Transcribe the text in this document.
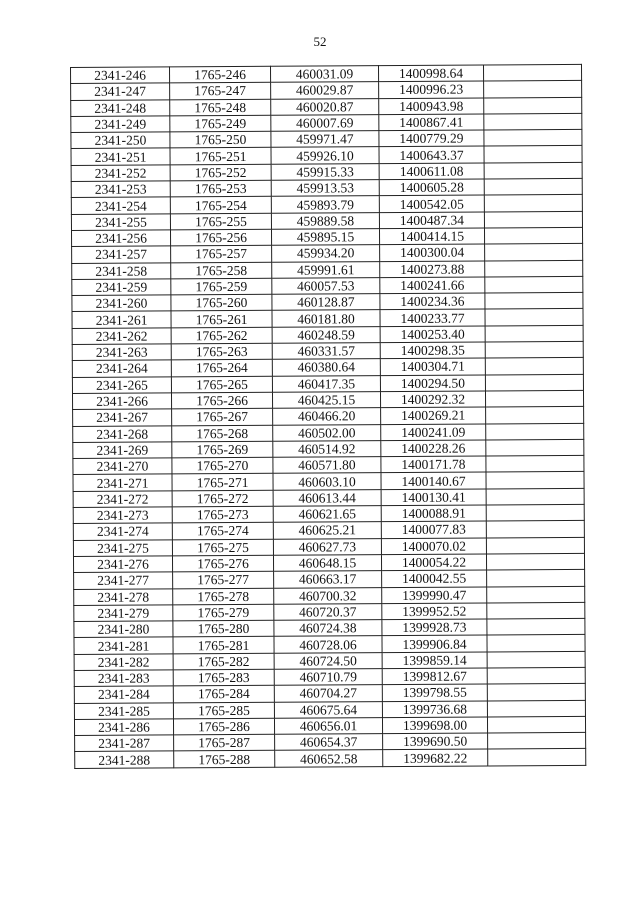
52
2341-246	1765-246	460031.09	1400998.64	
2341-247	1765-247	460029.87	1400996.23	
2341-248	1765-248	460020.87	1400943.98	
2341-249	1765-249	460007.69	1400867.41	
2341-250	1765-250	459971.47	1400779.29	
2341-251	1765-251	459926.10	1400643.37	
2341-252	1765-252	459915.33	1400611.08	
2341-253	1765-253	459913.53	1400605.28	
2341-254	1765-254	459893.79	1400542.05	
2341-255	1765-255	459889.58	1400487.34	
2341-256	1765-256	459895.15	1400414.15	
2341-257	1765-257	459934.20	1400300.04	
2341-258	1765-258	459991.61	1400273.88	
2341-259	1765-259	460057.53	1400241.66	
2341-260	1765-260	460128.87	1400234.36	
2341-261	1765-261	460181.80	1400233.77	
2341-262	1765-262	460248.59	1400253.40	
2341-263	1765-263	460331.57	1400298.35	
2341-264	1765-264	460380.64	1400304.71	
2341-265	1765-265	460417.35	1400294.50	
2341-266	1765-266	460425.15	1400292.32	
2341-267	1765-267	460466.20	1400269.21	
2341-268	1765-268	460502.00	1400241.09	
2341-269	1765-269	460514.92	1400228.26	
2341-270	1765-270	460571.80	1400171.78	
2341-271	1765-271	460603.10	1400140.67	
2341-272	1765-272	460613.44	1400130.41	
2341-273	1765-273	460621.65	1400088.91	
2341-274	1765-274	460625.21	1400077.83	
2341-275	1765-275	460627.73	1400070.02	
2341-276	1765-276	460648.15	1400054.22	
2341-277	1765-277	460663.17	1400042.55	
2341-278	1765-278	460700.32	1399990.47	
2341-279	1765-279	460720.37	1399952.52	
2341-280	1765-280	460724.38	1399928.73	
2341-281	1765-281	460728.06	1399906.84	
2341-282	1765-282	460724.50	1399859.14	
2341-283	1765-283	460710.79	1399812.67	
2341-284	1765-284	460704.27	1399798.55	
2341-285	1765-285	460675.64	1399736.68	
2341-286	1765-286	460656.01	1399698.00	
2341-287	1765-287	460654.37	1399690.50	
2341-288	1765-288	460652.58	1399682.22	
